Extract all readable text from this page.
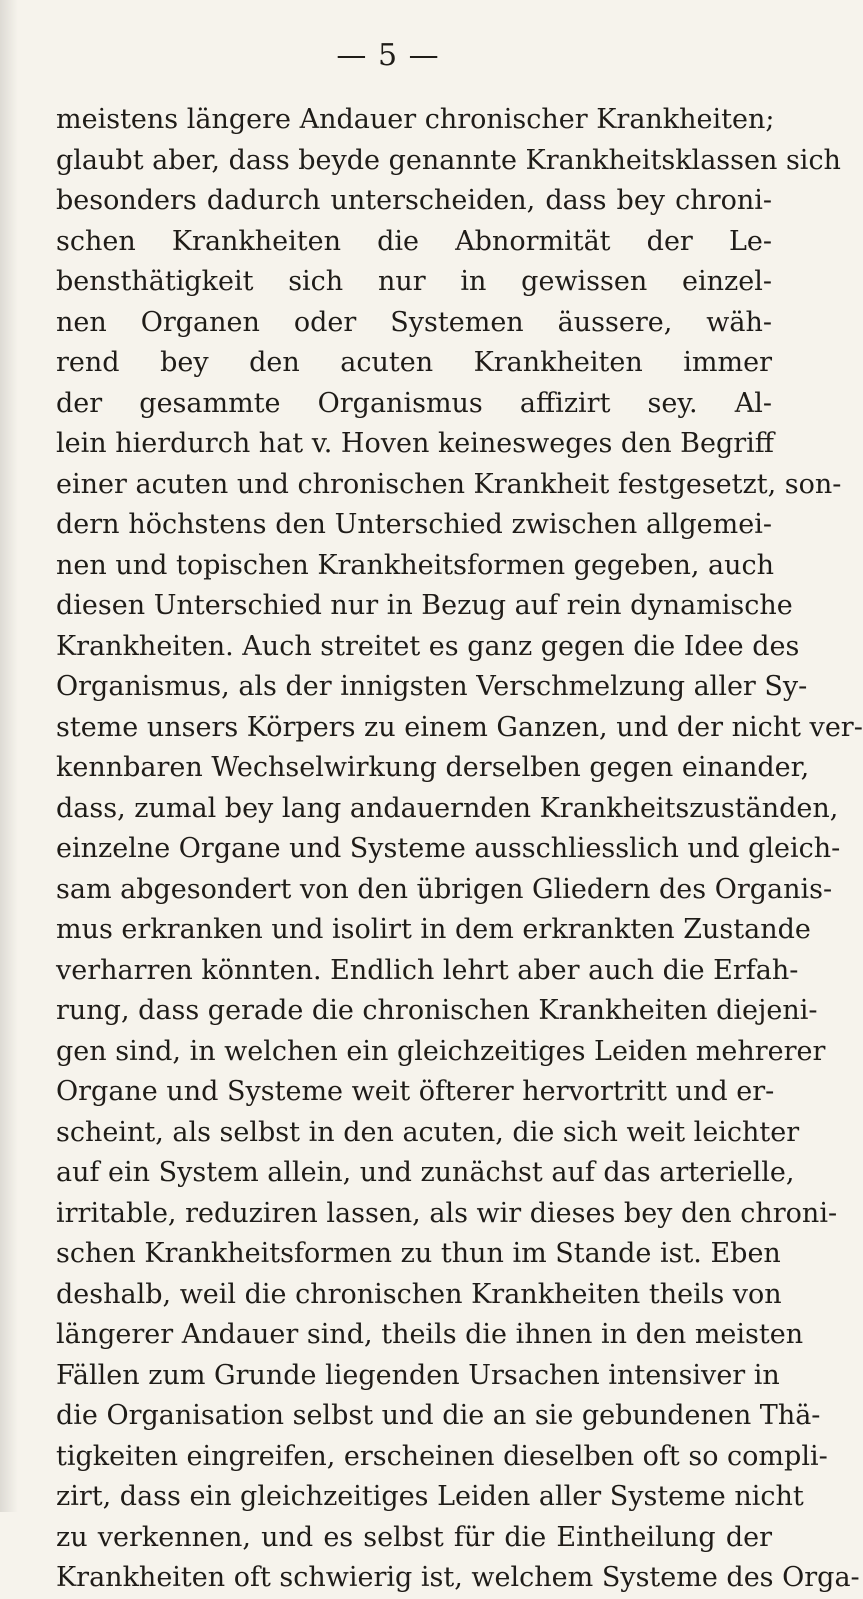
— 5 —
meistens längere Andauer chronischer Krankheiten;
glaubt aber, dass beyde genannte Krankheitsklassen sich
besonders dadurch unterscheiden, dass bey chroni-
schen Krankheiten die Abnormität der Le-
bensthätigkeit sich nur in gewissen einzel-
nen Organen oder Systemen äussere, wäh-
rend bey den acuten Krankheiten immer
der gesammte Organismus affizirt sey. Al-
lein hierdurch hat v. Hoven keinesweges den Begriff
einer acuten und chronischen Krankheit festgesetzt, son-
dern höchstens den Unterschied zwischen allgemei-
nen und topischen Krankheitsformen gegeben, auch
diesen Unterschied nur in Bezug auf rein dynamische
Krankheiten. Auch streitet es ganz gegen die Idee des
Organismus, als der innigsten Verschmelzung aller Sy-
steme unsers Körpers zu einem Ganzen, und der nicht ver-
kennbaren Wechselwirkung derselben gegen einander,
dass, zumal bey lang andauernden Krankheitszuständen,
einzelne Organe und Systeme ausschliesslich und gleich-
sam abgesondert von den übrigen Gliedern des Organis-
mus erkranken und isolirt in dem erkrankten Zustande
verharren könnten. Endlich lehrt aber auch die Erfah-
rung, dass gerade die chronischen Krankheiten diejeni-
gen sind, in welchen ein gleichzeitiges Leiden mehrerer
Organe und Systeme weit öfterer hervortritt und er-
scheint, als selbst in den acuten, die sich weit leichter
auf ein System allein, und zunächst auf das arterielle,
irritable, reduziren lassen, als wir dieses bey den chroni-
schen Krankheitsformen zu thun im Stande ist. Eben
deshalb, weil die chronischen Krankheiten theils von
längerer Andauer sind, theils die ihnen in den meisten
Fällen zum Grunde liegenden Ursachen intensiver in
die Organisation selbst und die an sie gebundenen Thä-
tigkeiten eingreifen, erscheinen dieselben oft so compli-
zirt, dass ein gleichzeitiges Leiden aller Systeme nicht
zu verkennen, und es selbst für die Eintheilung der
Krankheiten oft schwierig ist, welchem Systeme des Orga-
